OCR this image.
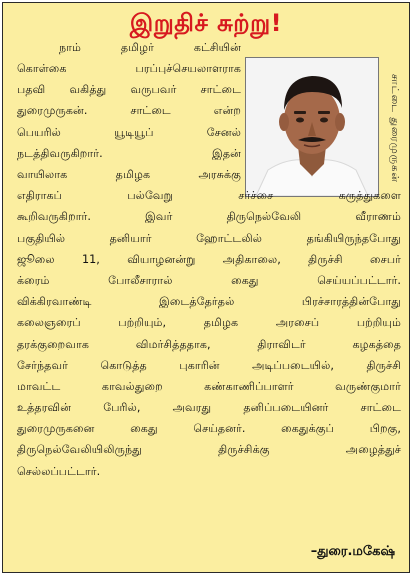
இறுதிச் சுற்று!
சாட்டை துரைமுருகன்
நாம் தமிழர் கட்சியின்
கொள்கை பரப்புச்செயலாளராக
பதவி வகித்து வருபவர் சாட்டை
துரைமுருகன். சாட்டை என்ற
பெயரில் யூடியூப் சேனல்
நடத்திவருகிறார். இதன்
வாயிலாக தமிழக அரசுக்கு
எதிராகப் பல்வேறு சர்ச்சை கருத்துகளை
கூறிவருகிறார். இவர் திருநெல்வேலி வீராணம்
பகுதியில் தனியார் ஹோட்டலில் தங்கியிருந்தபோது
ஜூலை 11, வியாழனன்று அதிகாலை, திருச்சி சைபர்
க்ரைம் போலீசாரால் கைது செய்யப்பட்டார்.
விக்கிரவாண்டி இடைத்தேர்தல் பிரச்சாரத்தின்போது
கலைஞரைப் பற்றியும், தமிழக அரசைப் பற்றியும்
தரக்குறைவாக விமர்சித்ததாக, திராவிடர் கழகத்தை
சேர்ந்தவர் கொடுத்த புகாரின் அடிப்படையில், திருச்சி
மாவட்ட காவல்துறை கண்காணிப்பாளர் வருண்குமார்
உத்தரவின் பேரில், அவரது தனிப்படையினர் சாட்டை
துரைமுருகனை கைது செய்தனர். கைதுக்குப் பிறகு,
திருநெல்வேலியிலிருந்து திருச்சிக்கு அழைத்துச்
செல்லப்பட்டார்.
–துரை.மகேஷ்
